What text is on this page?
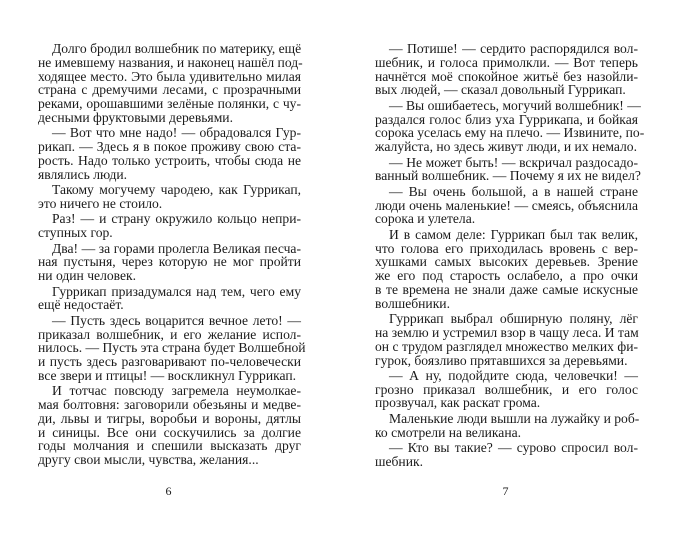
Долго бродил волшебник по материку, ещё
не имевшему названия, и наконец нашёл под-
ходящее место. Это была удивительно милая
страна с дремучими лесами, с прозрачными
реками, орошавшими зелёные полянки, с чу-
десными фруктовыми деревьями.
— Вот что мне надо! — обрадовался Гур-
рикап. — Здесь я в покое проживу свою ста-
рость. Надо только устроить, чтобы сюда не
являлись люди.
Такому могучему чародею, как Гуррикап,
это ничего не стоило.
Раз! — и страну окружило кольцо непри-
ступных гор.
Два! — за горами пролегла Великая песча-
ная пустыня, через которую не мог пройти
ни один человек.
Гуррикап призадумался над тем, чего ему
ещё недостаёт.
— Пусть здесь воцарится вечное лето! —
приказал волшебник, и его желание испол-
нилось. — Пусть эта страна будет Волшебной
и пусть здесь разговаривают по-человечески
все звери и птицы! — воскликнул Гуррикап.
И тотчас повсюду загремела неумолкае-
мая болтовня: заговорили обезьяны и медве-
ди, львы и тигры, воробьи и вороны, дятлы
и синицы. Все они соскучились за долгие
годы молчания и спешили высказать друг
другу свои мысли, чувства, желания...
6
— Потише! — сердито распорядился вол-
шебник, и голоса примолкли. — Вот теперь
начнётся моё спокойное житьё без назойли-
вых людей, — сказал довольный Гуррикап.
— Вы ошибаетесь, могучий волшебник! —
раздался голос близ уха Гуррикапа, и бойкая
сорока уселась ему на плечо. — Извините, по-
жалуйста, но здесь живут люди, и их немало.
— Не может быть! — вскричал раздосадо-
ванный волшебник. — Почему я их не видел?
— Вы очень большой, а в нашей стране
люди очень маленькие! — смеясь, объяснила
сорока и улетела.
И в самом деле: Гуррикап был так велик,
что голова его приходилась вровень с вер-
хушками самых высоких деревьев. Зрение
же его под старость ослабело, а про очки
в те времена не знали даже самые искусные
волшебники.
Гуррикап выбрал обширную поляну, лёг
на землю и устремил взор в чащу леса. И там
он с трудом разглядел множество мелких фи-
гурок, боязливо прятавшихся за деревьями.
— А ну, подойдите сюда, человечки! —
грозно приказал волшебник, и его голос
прозвучал, как раскат грома.
Маленькие люди вышли на лужайку и роб-
ко смотрели на великана.
— Кто вы такие? — сурово спросил вол-
шебник.
7
